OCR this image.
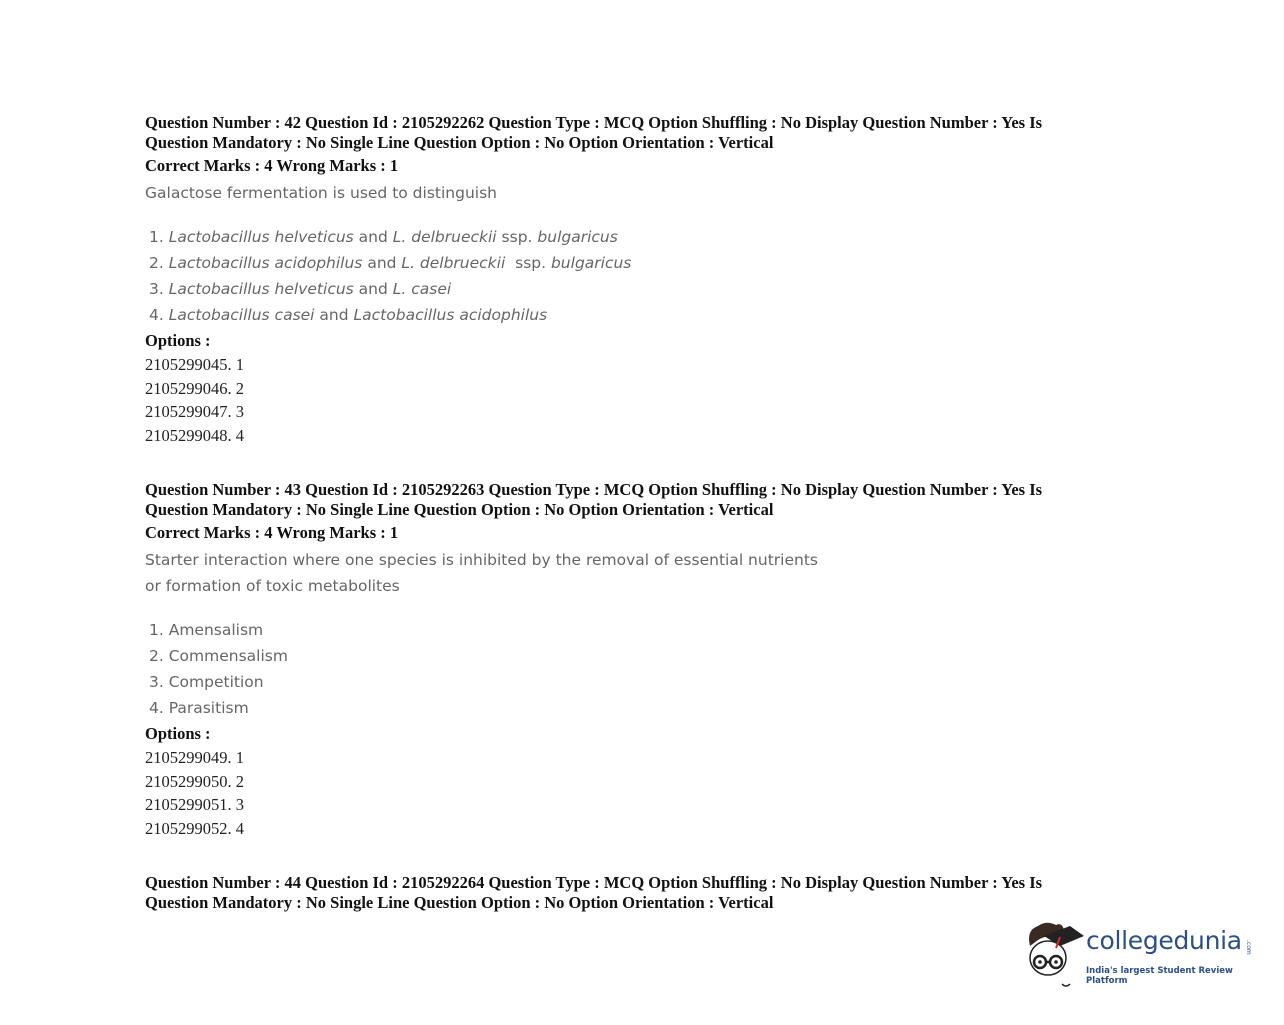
Question Number : 42 Question Id : 2105292262 Question Type : MCQ Option Shuffling : No Display Question Number : Yes Is Question Mandatory : No Single Line Question Option : No Option Orientation : Vertical
Correct Marks : 4 Wrong Marks : 1
Galactose fermentation is used to distinguish
1. Lactobacillus helveticus and L. delbrueckii ssp. bulgaricus
2. Lactobacillus acidophilus and L. delbrueckii  ssp. bulgaricus
3. Lactobacillus helveticus and L. casei
4. Lactobacillus casei and Lactobacillus acidophilus
Options :
2105299045. 1
2105299046. 2
2105299047. 3
2105299048. 4
Question Number : 43 Question Id : 2105292263 Question Type : MCQ Option Shuffling : No Display Question Number : Yes Is Question Mandatory : No Single Line Question Option : No Option Orientation : Vertical
Correct Marks : 4 Wrong Marks : 1
Starter interaction where one species is inhibited by the removal of essential nutrients or formation of toxic metabolites
1. Amensalism
2. Commensalism
3. Competition
4. Parasitism
Options :
2105299049. 1
2105299050. 2
2105299051. 3
2105299052. 4
Question Number : 44 Question Id : 2105292264 Question Type : MCQ Option Shuffling : No Display Question Number : Yes Is Question Mandatory : No Single Line Question Option : No Option Orientation : Vertical
collegedunia .com
India's largest Student Review Platform
